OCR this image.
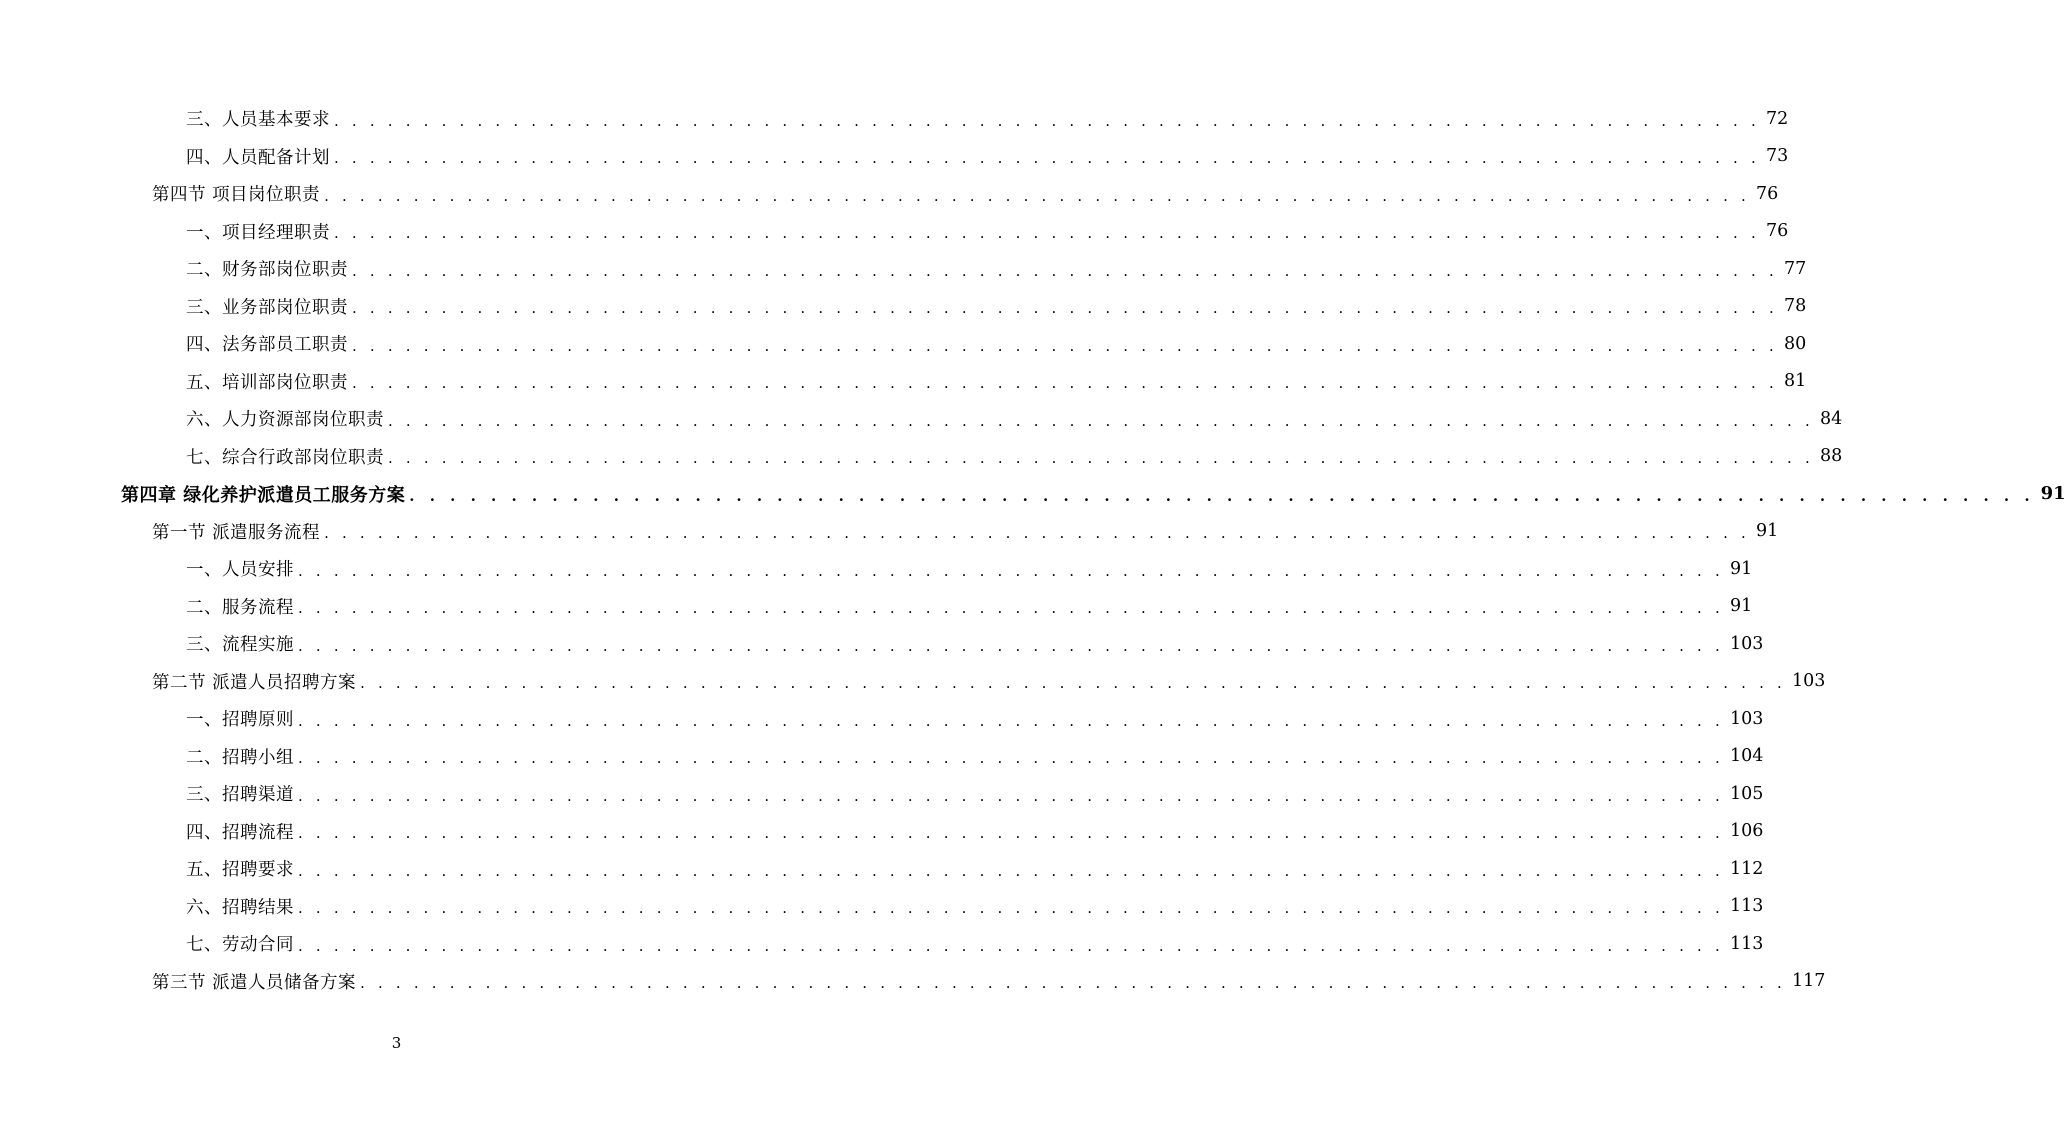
三、人员基本要求 . . . . . . . . . . . . . . . . . . . . . . . . . . . . . . . . . . . . . . . . . . . . . . . . . . . . . . . . . . . . . . . . . . . . . . . . . . . . . . . . 72
四、人员配备计划 . . . . . . . . . . . . . . . . . . . . . . . . . . . . . . . . . . . . . . . . . . . . . . . . . . . . . . . . . . . . . . . . . . . . . . . . . . . . . . . . 73
第四节 项目岗位职责 . . . . . . . . . . . . . . . . . . . . . . . . . . . . . . . . . . . . . . . . . . . . . . . . . . . . . . . . . . . . . . . . . . . . . . . . . . . . . . . . 76
一、项目经理职责 . . . . . . . . . . . . . . . . . . . . . . . . . . . . . . . . . . . . . . . . . . . . . . . . . . . . . . . . . . . . . . . . . . . . . . . . . . . . . . . . 76
二、财务部岗位职责 . . . . . . . . . . . . . . . . . . . . . . . . . . . . . . . . . . . . . . . . . . . . . . . . . . . . . . . . . . . . . . . . . . . . . . . . . . . . . . . . 77
三、业务部岗位职责 . . . . . . . . . . . . . . . . . . . . . . . . . . . . . . . . . . . . . . . . . . . . . . . . . . . . . . . . . . . . . . . . . . . . . . . . . . . . . . . . 78
四、法务部员工职责 . . . . . . . . . . . . . . . . . . . . . . . . . . . . . . . . . . . . . . . . . . . . . . . . . . . . . . . . . . . . . . . . . . . . . . . . . . . . . . . . 80
五、培训部岗位职责 . . . . . . . . . . . . . . . . . . . . . . . . . . . . . . . . . . . . . . . . . . . . . . . . . . . . . . . . . . . . . . . . . . . . . . . . . . . . . . . . 81
六、人力资源部岗位职责 . . . . . . . . . . . . . . . . . . . . . . . . . . . . . . . . . . . . . . . . . . . . . . . . . . . . . . . . . . . . . . . . . . . . . . . . . . . . . . . . 84
七、综合行政部岗位职责 . . . . . . . . . . . . . . . . . . . . . . . . . . . . . . . . . . . . . . . . . . . . . . . . . . . . . . . . . . . . . . . . . . . . . . . . . . . . . . . . 88
第四章 绿化养护派遣员工服务方案 . . . . . . . . . . . . . . . . . . . . . . . . . . . . . . . . . . . . . . . . . . . . . . . . . . . . . . . . . . . . . . . . . . . . . . . . . . . . . . . . 91
第一节 派遣服务流程 . . . . . . . . . . . . . . . . . . . . . . . . . . . . . . . . . . . . . . . . . . . . . . . . . . . . . . . . . . . . . . . . . . . . . . . . . . . . . . . . 91
一、人员安排 . . . . . . . . . . . . . . . . . . . . . . . . . . . . . . . . . . . . . . . . . . . . . . . . . . . . . . . . . . . . . . . . . . . . . . . . . . . . . . . . 91
二、服务流程 . . . . . . . . . . . . . . . . . . . . . . . . . . . . . . . . . . . . . . . . . . . . . . . . . . . . . . . . . . . . . . . . . . . . . . . . . . . . . . . . 91
三、流程实施 . . . . . . . . . . . . . . . . . . . . . . . . . . . . . . . . . . . . . . . . . . . . . . . . . . . . . . . . . . . . . . . . . . . . . . . . . . . . . . . . 103
第二节 派遣人员招聘方案 . . . . . . . . . . . . . . . . . . . . . . . . . . . . . . . . . . . . . . . . . . . . . . . . . . . . . . . . . . . . . . . . . . . . . . . . . . . . . . . . 103
一、招聘原则 . . . . . . . . . . . . . . . . . . . . . . . . . . . . . . . . . . . . . . . . . . . . . . . . . . . . . . . . . . . . . . . . . . . . . . . . . . . . . . . . 103
二、招聘小组 . . . . . . . . . . . . . . . . . . . . . . . . . . . . . . . . . . . . . . . . . . . . . . . . . . . . . . . . . . . . . . . . . . . . . . . . . . . . . . . . 104
三、招聘渠道 . . . . . . . . . . . . . . . . . . . . . . . . . . . . . . . . . . . . . . . . . . . . . . . . . . . . . . . . . . . . . . . . . . . . . . . . . . . . . . . . 105
四、招聘流程 . . . . . . . . . . . . . . . . . . . . . . . . . . . . . . . . . . . . . . . . . . . . . . . . . . . . . . . . . . . . . . . . . . . . . . . . . . . . . . . . 106
五、招聘要求 . . . . . . . . . . . . . . . . . . . . . . . . . . . . . . . . . . . . . . . . . . . . . . . . . . . . . . . . . . . . . . . . . . . . . . . . . . . . . . . . 112
六、招聘结果 . . . . . . . . . . . . . . . . . . . . . . . . . . . . . . . . . . . . . . . . . . . . . . . . . . . . . . . . . . . . . . . . . . . . . . . . . . . . . . . . 113
七、劳动合同 . . . . . . . . . . . . . . . . . . . . . . . . . . . . . . . . . . . . . . . . . . . . . . . . . . . . . . . . . . . . . . . . . . . . . . . . . . . . . . . . 113
第三节 派遣人员储备方案 . . . . . . . . . . . . . . . . . . . . . . . . . . . . . . . . . . . . . . . . . . . . . . . . . . . . . . . . . . . . . . . . . . . . . . . . . . . . . . . . 117
3
